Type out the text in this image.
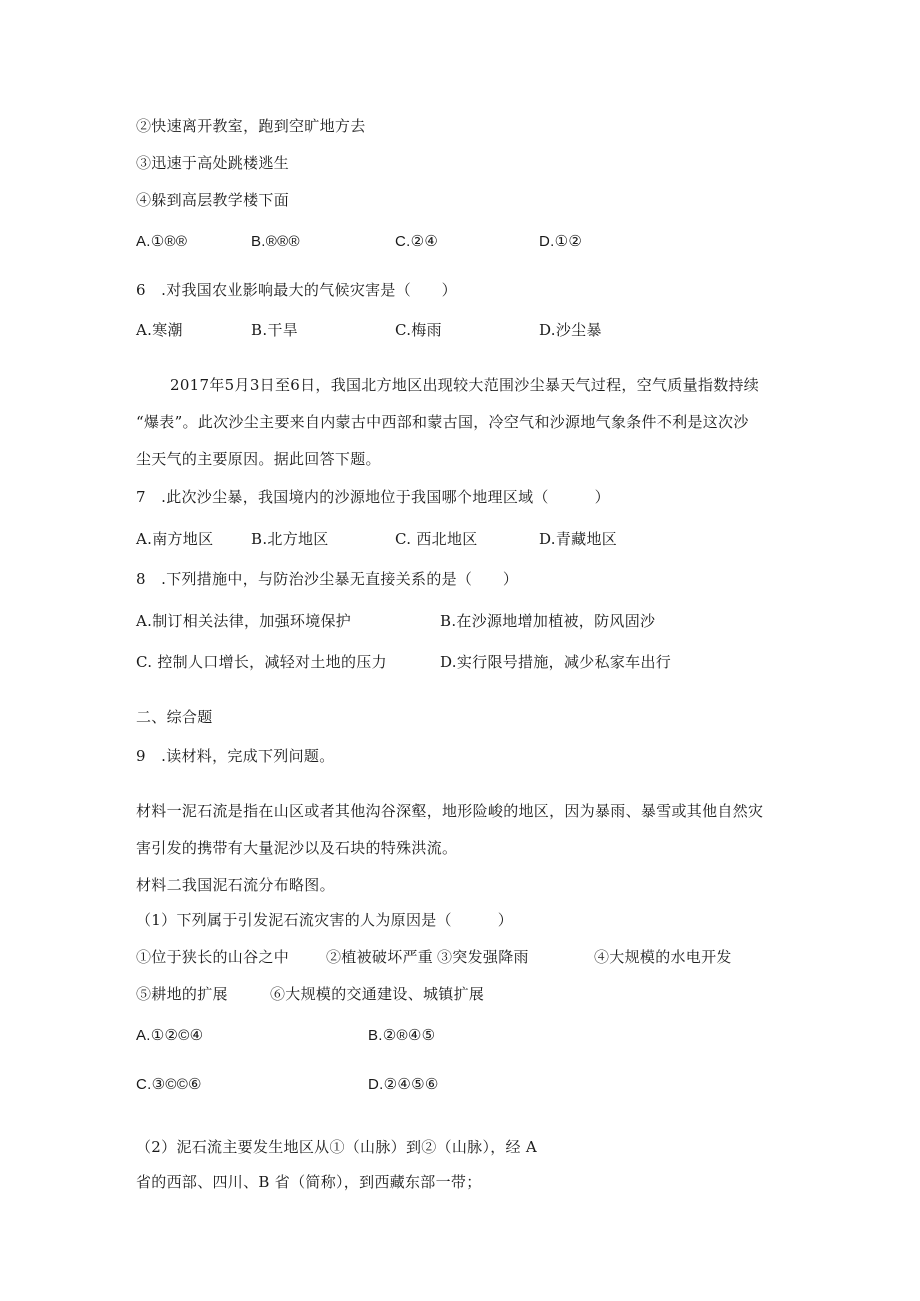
②快速离开教室，跑到空旷地方去
③迅速于高处跳楼逃生
④躲到高层教学楼下面
A.①®®	B.®®®	C.②④	D.①②
6　.对我国农业影响最大的气候灾害是（　　）
A.寒潮	B.干旱	C.梅雨	D.沙尘暴
2017年5月3日至6日，我国北方地区出现较大范围沙尘暴天气过程，空气质量指数持续
“爆表”。此次沙尘主要来自内蒙古中西部和蒙古国，冷空气和沙源地气象条件不利是这次沙
尘天气的主要原因。据此回答下题。
7　.此次沙尘暴，我国境内的沙源地位于我国哪个地理区域（　　　）
A.南方地区	B.北方地区	C. 西北地区	D.青藏地区
8　.下列措施中，与防治沙尘暴无直接关系的是（　　）
A.制订相关法律，加强环境保护	B.在沙源地增加植被，防风固沙
C. 控制人口增长，减轻对土地的压力	D.实行限号措施，减少私家车出行
二、综合题
9　.读材料，完成下列问题。
材料一泥石流是指在山区或者其他沟谷深壑，地形险峻的地区，因为暴雨、暴雪或其他自然灾
害引发的携带有大量泥沙以及石块的特殊洪流。
材料二我国泥石流分布略图。
（1）下列属于引发泥石流灾害的人为原因是（　　　）
①位于狭长的山谷之中 ②植被破坏严重 ③突发强降雨	④大规模的水电开发
⑤耕地的扩展	⑥大规模的交通建设、城镇扩展
A.①②©④	B.②®④⑤
C.③©©⑥	D.②④⑤⑥
（2）泥石流主要发生地区从①（山脉）到②（山脉），经 A
省的西部、四川、B 省（简称），到西藏东部一带；
